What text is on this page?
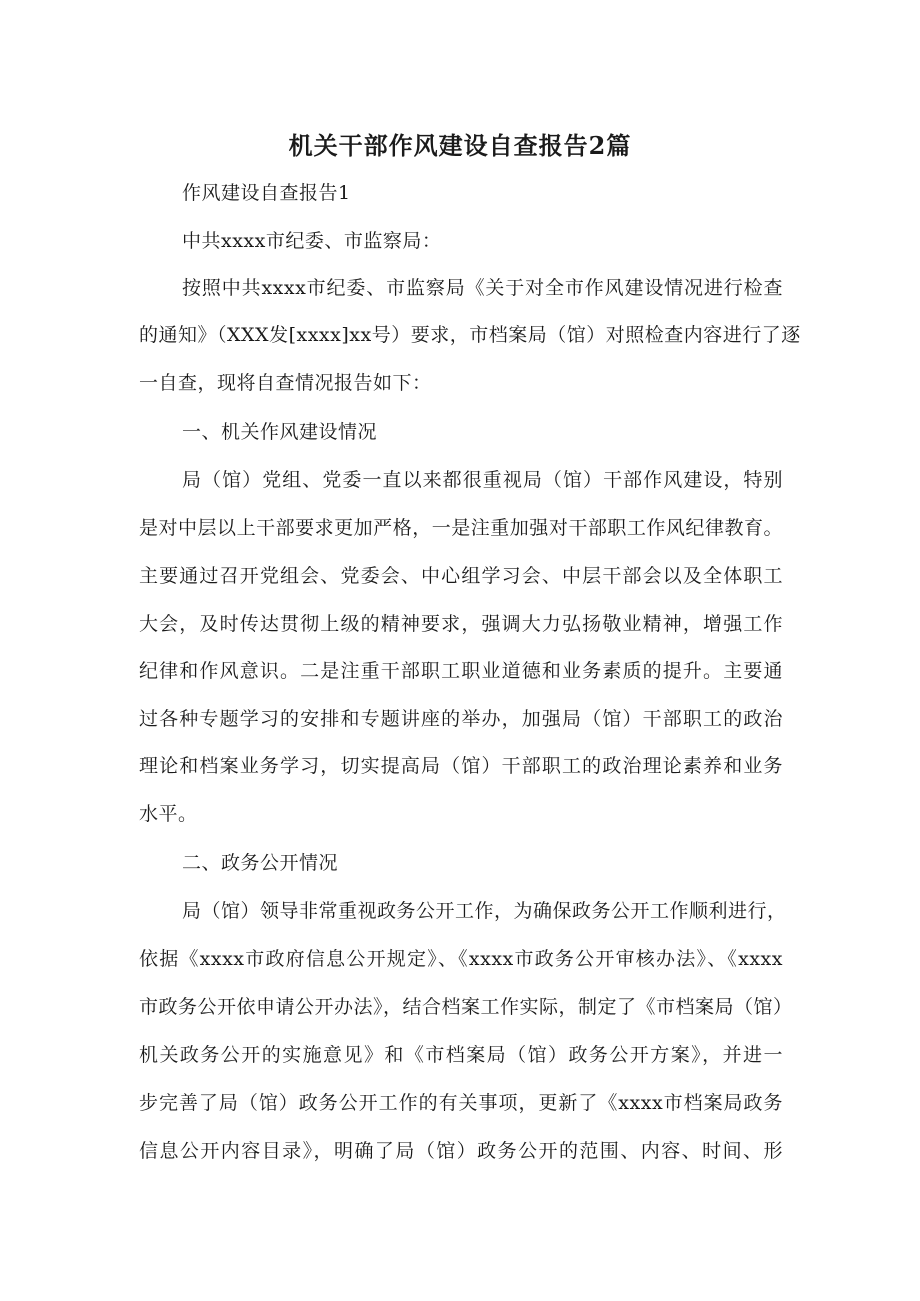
机关干部作风建设自查报告2篇

作风建设自查报告1

中共xxxx市纪委、市监察局：

按照中共xxxx市纪委、市监察局《关于对全市作风建设情况进行检查

的通知》（XXX发[xxxx]xx号）要求，市档案局（馆）对照检查内容进行了逐

一自查，现将自查情况报告如下：

一、机关作风建设情况

局（馆）党组、党委一直以来都很重视局（馆）干部作风建设，特别

是对中层以上干部要求更加严格，一是注重加强对干部职工作风纪律教育。

主要通过召开党组会、党委会、中心组学习会、中层干部会以及全体职工

大会，及时传达贯彻上级的精神要求，强调大力弘扬敬业精神，增强工作

纪律和作风意识。二是注重干部职工职业道德和业务素质的提升。主要通

过各种专题学习的安排和专题讲座的举办，加强局（馆）干部职工的政治

理论和档案业务学习，切实提高局（馆）干部职工的政治理论素养和业务

水平。

二、政务公开情况

局（馆）领导非常重视政务公开工作，为确保政务公开工作顺利进行，

依据《xxxx市政府信息公开规定》、《xxxx市政务公开审核办法》、《xxxx

市政务公开依申请公开办法》，结合档案工作实际，制定了《市档案局（馆）

机关政务公开的实施意见》和《市档案局（馆）政务公开方案》，并进一

步完善了局（馆）政务公开工作的有关事项，更新了《xxxx市档案局政务

信息公开内容目录》，明确了局（馆）政务公开的范围、内容、时间、形
